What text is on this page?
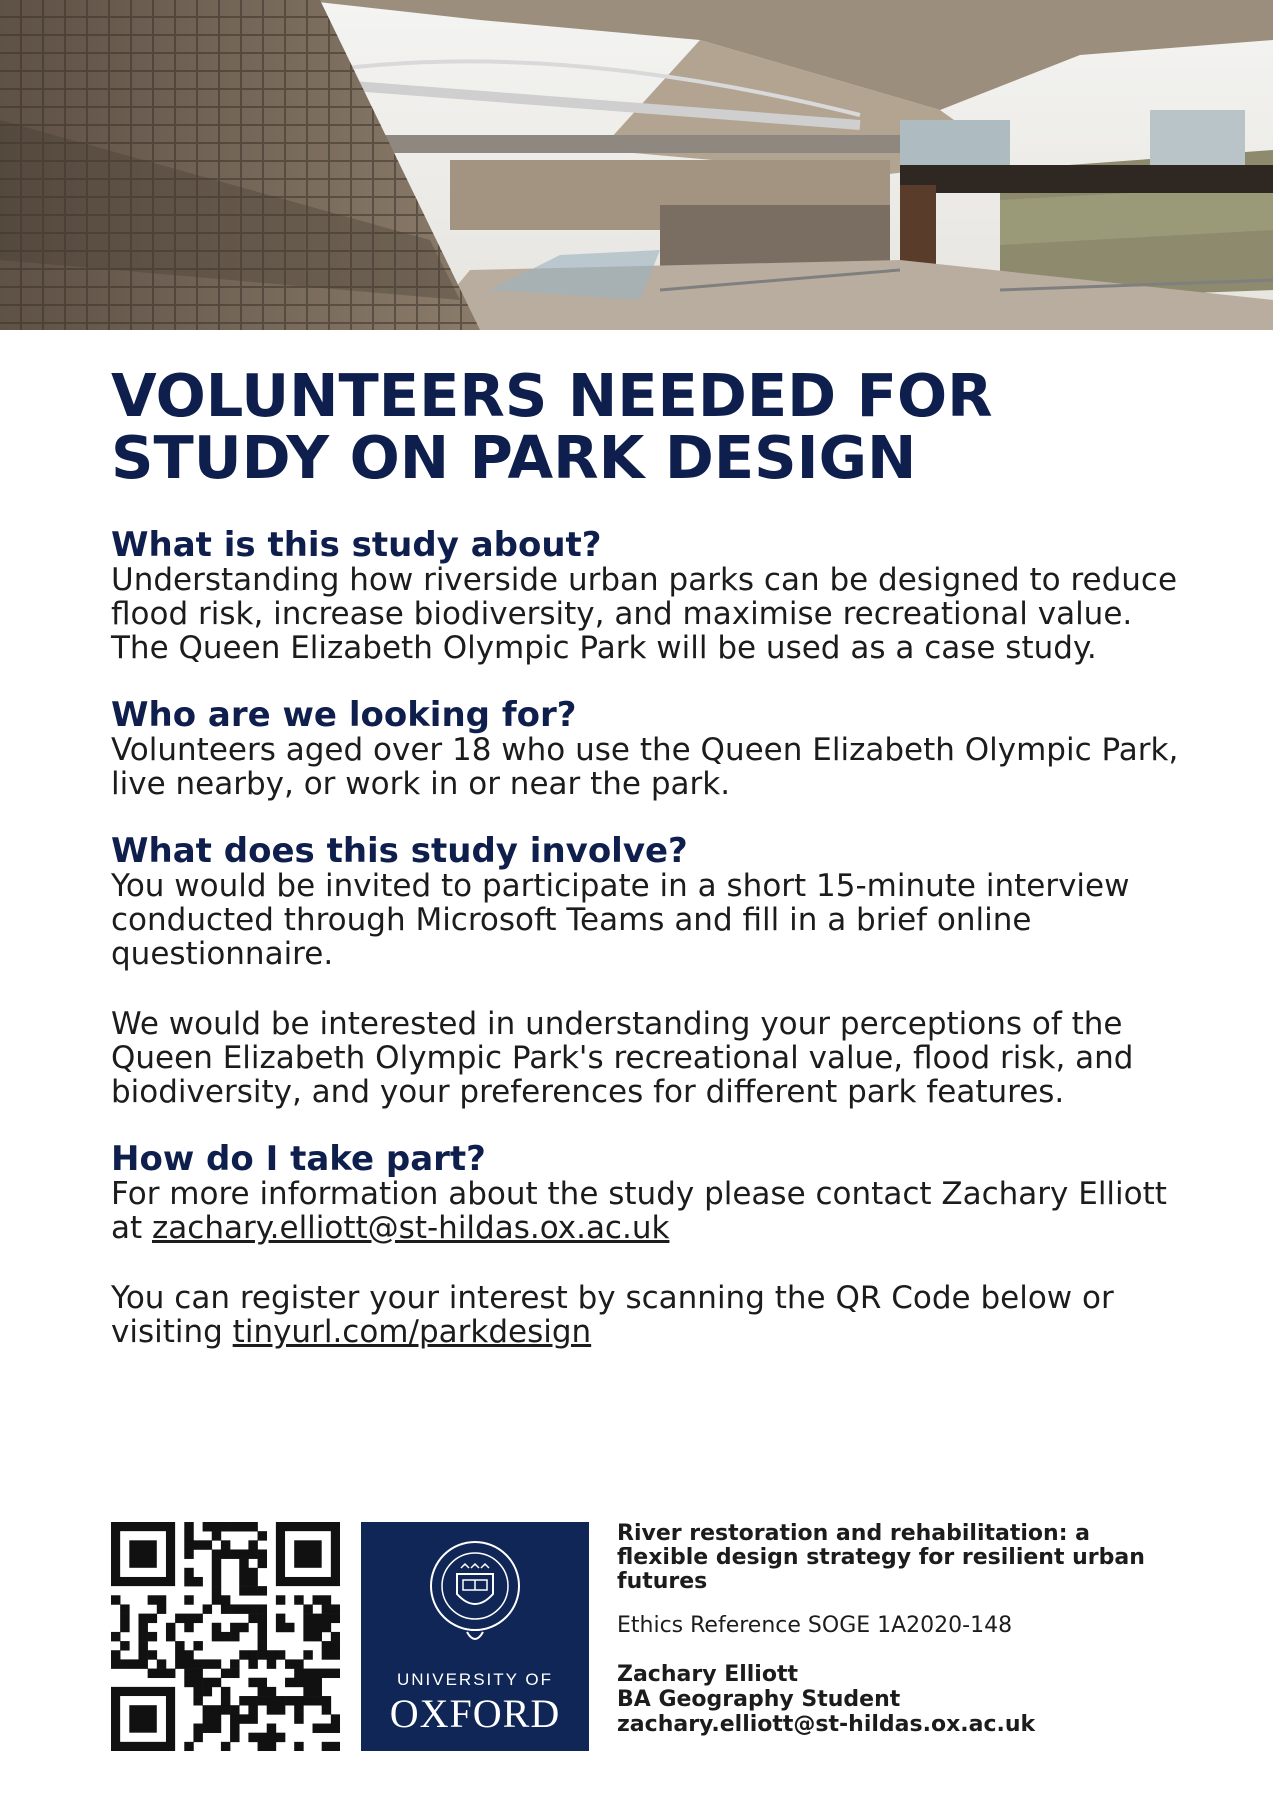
VOLUNTEERS NEEDED FOR STUDY ON PARK DESIGN
What is this study about?

Understanding how riverside urban parks can be designed to reduce flood risk, increase biodiversity, and maximise recreational value. The Queen Elizabeth Olympic Park will be used as a case study.

Who are we looking for?

Volunteers aged over 18 who use the Queen Elizabeth Olympic Park, live nearby, or work in or near the park.

What does this study involve?

You would be invited to participate in a short 15-minute interview conducted through Microsoft Teams and fill in a brief online questionnaire.

We would be interested in understanding your perceptions of the Queen Elizabeth Olympic Park's recreational value, flood risk, and biodiversity, and your preferences for different park features.

How do I take part?

For more information about the study please contact Zachary Elliott at zachary.elliott@st-hildas.ox.ac.uk

You can register your interest by scanning the QR Code below or visiting tinyurl.com/parkdesign

UNIVERSITY OF
OXFORD

River restoration and rehabilitation: a flexible design strategy for resilient urban futures

Ethics Reference SOGE 1A2020-148

Zachary Elliott

BA Geography Student

zachary.elliott@st-hildas.ox.ac.uk
